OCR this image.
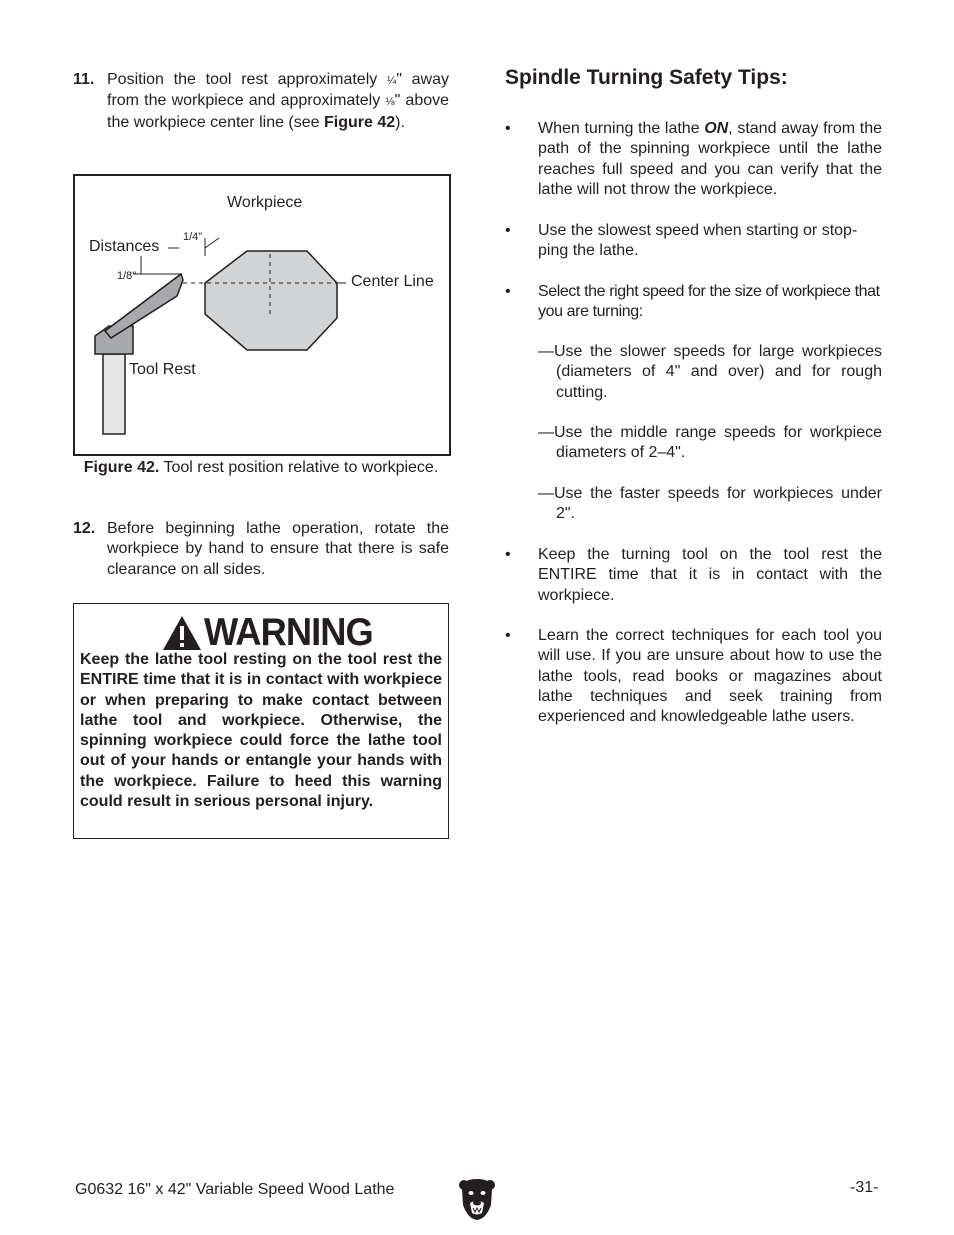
11. Position the tool rest approximately ¼" away from the workpiece and approximately ⅛" above the workpiece center line (see Figure 42).
Workpiece
Distances
1/4"
1/8"	Center Line
Tool Rest
Figure 42. Tool rest position relative to workpiece.
12. Before beginning lathe operation, rotate the workpiece by hand to ensure that there is safe clearance on all sides.
WARNING
Keep the lathe tool resting on the tool rest the ENTIRE time that it is in contact with workpiece or when preparing to make contact between lathe tool and workpiece. Otherwise, the spinning workpiece could force the lathe tool out of your hands or entangle your hands with the workpiece. Failure to heed this warning could result in serious personal injury.
Spindle Turning Safety Tips:
• When turning the lathe ON, stand away from the path of the spinning workpiece until the lathe reaches full speed and you can verify that the lathe will not throw the workpiece.
• Use the slowest speed when starting or stop-ping the lathe.
• Select the right speed for the size of workpiece that you are turning:
—Use the slower speeds for large workpieces (diameters of 4" and over) and for rough cutting.
—Use the middle range speeds for workpiece diameters of 2–4".
—Use the faster speeds for workpieces under 2".
• Keep the turning tool on the tool rest the ENTIRE time that it is in contact with the workpiece.
• Learn the correct techniques for each tool you will use. If you are unsure about how to use the lathe tools, read books or magazines about lathe techniques and seek training from experienced and knowledgeable lathe users.
G0632 16" x 42" Variable Speed Wood Lathe	-31-
